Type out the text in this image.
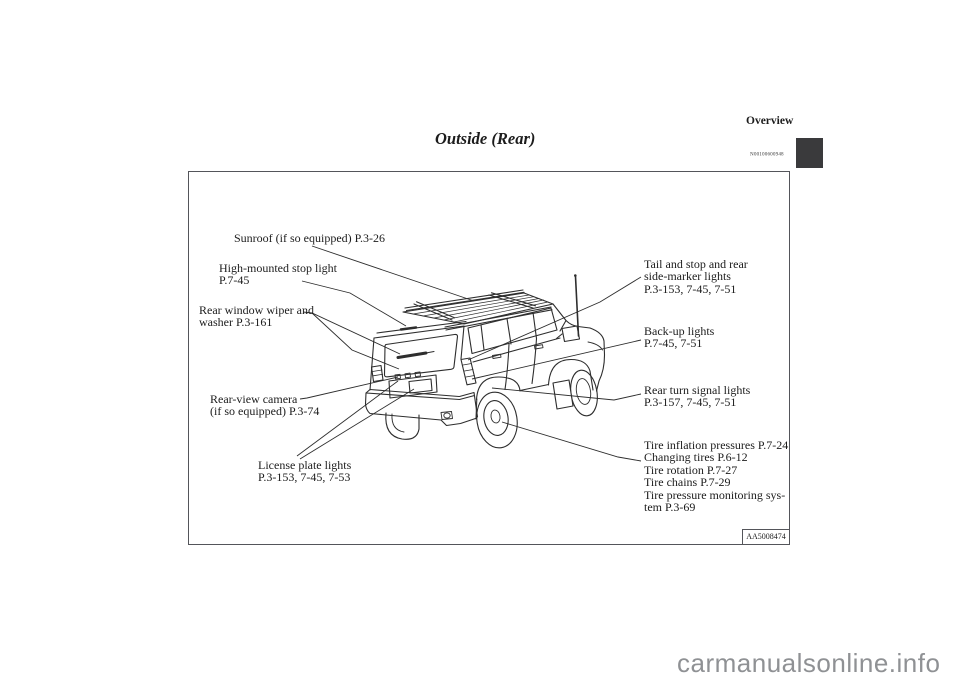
Overview
N00100600948
Outside (Rear)
Sunroof (if so equipped) P.3-26
High-mounted stop light
P.7-45
Rear window wiper and
washer P.3-161
Rear-view camera
(if so equipped) P.3-74
License plate lights
P.3-153, 7-45, 7-53
Tail and stop and rear
side-marker lights
P.3-153, 7-45, 7-51
Back-up lights
P.7-45, 7-51
Rear turn signal lights
P.3-157, 7-45, 7-51
Tire inflation pressures P.7-24
Changing tires P.6-12
Tire rotation P.7-27
Tire chains P.7-29
Tire pressure monitoring sys-
tem P.3-69
AA5008474
carmanualsonline.info
